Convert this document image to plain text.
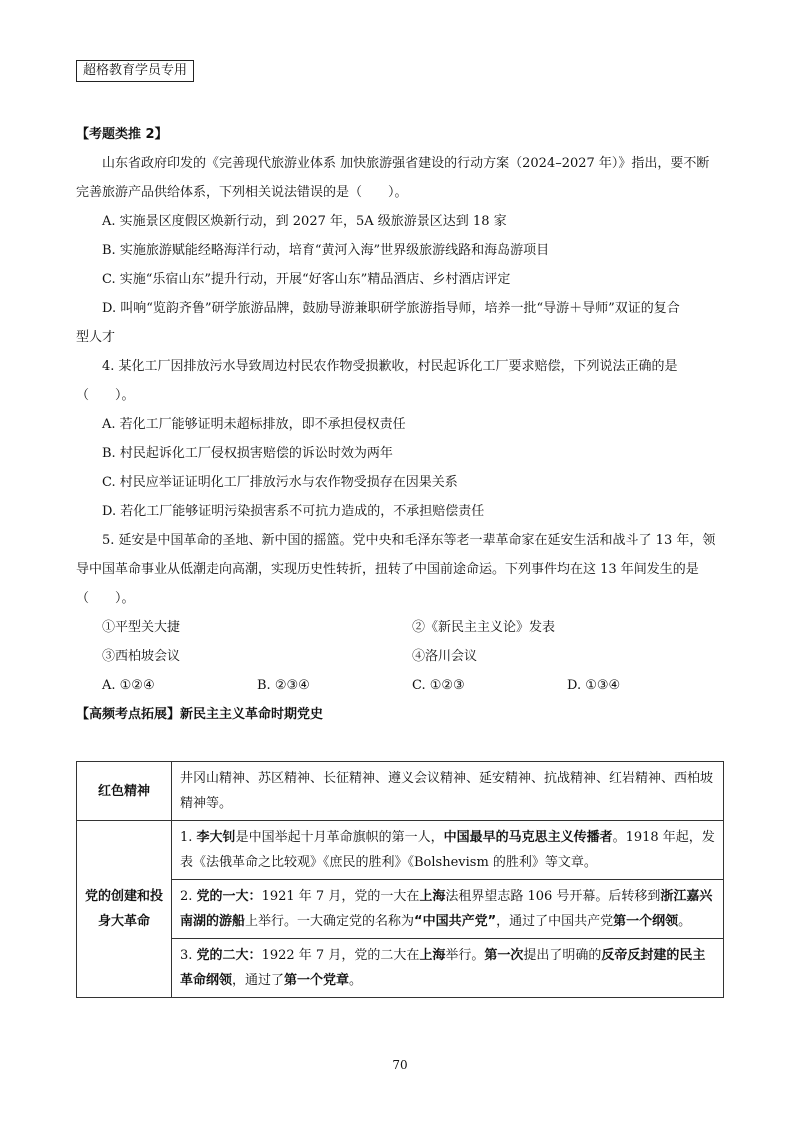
超格教育学员专用
【考题类推 2】
山东省政府印发的《完善现代旅游业体系 加快旅游强省建设的行动方案（2024–2027 年）》指出，要不断
完善旅游产品供给体系，下列相关说法错误的是（　　）。
A. 实施景区度假区焕新行动，到 2027 年，5A 级旅游景区达到 18 家
B. 实施旅游赋能经略海洋行动，培育“黄河入海”世界级旅游线路和海岛游项目
C. 实施“乐宿山东”提升行动，开展“好客山东”精品酒店、乡村酒店评定
D. 叫响“览韵齐鲁”研学旅游品牌，鼓励导游兼职研学旅游指导师，培养一批“导游＋导师”双证的复合
型人才
4. 某化工厂因排放污水导致周边村民农作物受损歉收，村民起诉化工厂要求赔偿，下列说法正确的是
（　　）。
A. 若化工厂能够证明未超标排放，即不承担侵权责任
B. 村民起诉化工厂侵权损害赔偿的诉讼时效为两年
C. 村民应举证证明化工厂排放污水与农作物受损存在因果关系
D. 若化工厂能够证明污染损害系不可抗力造成的，不承担赔偿责任
5. 延安是中国革命的圣地、新中国的摇篮。党中央和毛泽东等老一辈革命家在延安生活和战斗了 13 年，领
导中国革命事业从低潮走向高潮，实现历史性转折，扭转了中国前途命运。下列事件均在这 13 年间发生的是
（　　）。
①平型关大捷	②《新民主主义论》发表
③西柏坡会议	④洛川会议
A. ①②④	B. ②③④	C. ①②③	D. ①③④
【高频考点拓展】新民主主义革命时期党史
红色精神	井冈山精神、苏区精神、长征精神、遵义会议精神、延安精神、抗战精神、红岩精神、西柏坡精神等。
党的创建和投身大革命	1. 李大钊是中国举起十月革命旗帜的第一人，中国最早的马克思主义传播者。1918 年起，发表《法俄革命之比较观》《庶民的胜利》《Bolshevism 的胜利》等文章。
	2. 党的一大：1921 年 7 月，党的一大在上海法租界望志路 106 号开幕。后转移到浙江嘉兴南湖的游船上举行。一大确定党的名称为“中国共产党”，通过了中国共产党第一个纲领。
	3. 党的二大：1922 年 7 月，党的二大在上海举行。第一次提出了明确的反帝反封建的民主革命纲领，通过了第一个党章。
70
